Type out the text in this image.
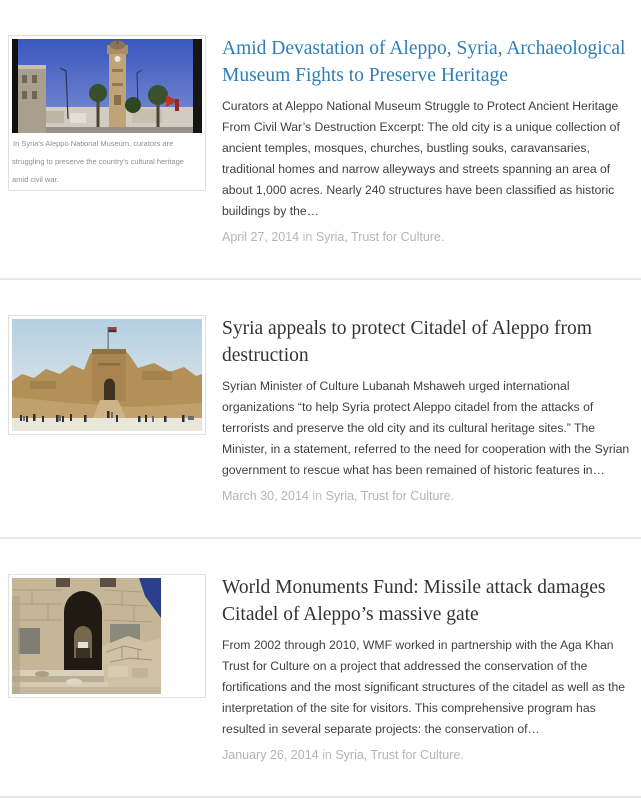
In Syria's Aleppo National Museum, curators are struggling to preserve the country's cultural heritage amid civil war.
Amid Devastation of Aleppo, Syria, Archaeological Museum Fights to Preserve Heritage

Curators at Aleppo National Museum Struggle to Protect Ancient Heritage From Civil War’s Destruction Excerpt: The old city is a unique collection of ancient temples, mosques, churches, bustling souks, caravansaries, traditional homes and narrow alleyways and streets spanning an area of about 1,000 acres. Nearly 240 structures have been classified as historic buildings by the…

April 27, 2014 in Syria, Trust for Culture.

Syria appeals to protect Citadel of Aleppo from destruction

Syrian Minister of Culture Lubanah Mshaweh urged international organizations “to help Syria protect Aleppo citadel from the attacks of terrorists and preserve the old city and its cultural heritage sites.” The Minister, in a statement, referred to the need for cooperation with the Syrian government to rescue what has been remained of historic features in…

March 30, 2014 in Syria, Trust for Culture.

World Monuments Fund: Missile attack damages Citadel of Aleppo’s massive gate

From 2002 through 2010, WMF worked in partnership with the Aga Khan Trust for Culture on a project that addressed the conservation of the fortifications and the most significant structures of the citadel as well as the interpretation of the site for visitors. This comprehensive program has resulted in several separate projects: the conservation of…

January 26, 2014 in Syria, Trust for Culture.
